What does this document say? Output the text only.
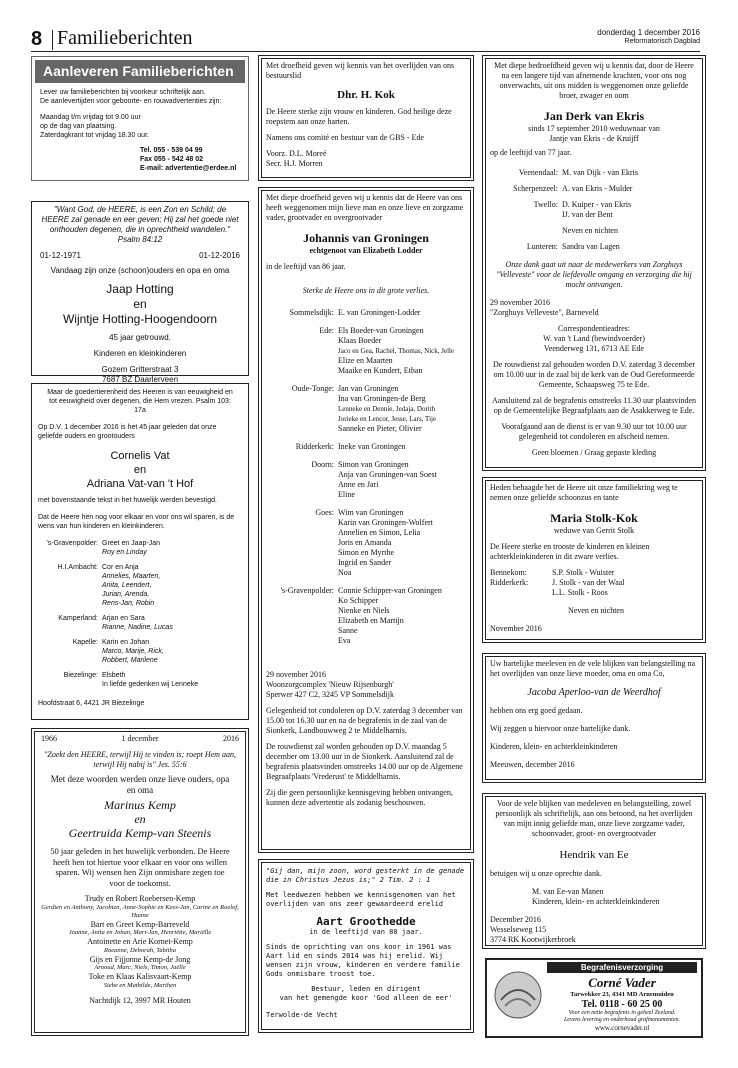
8 Familieberichten	donderdag 1 december 2016
Reformatorisch Dagblad
Aanleveren Familieberichten
Lever uw familieberichten bij voorkeur schriftelijk aan.
De aanlevertijden voor geboorte- en rouwadvertenties zijn:
Maandag t/m vrijdag tot 9.00 uur
op de dag van plaatsing.
Zaterdagkrant tot vrijdag 18.30 uur.
Tel. 055 - 539 04 99
Fax 055 - 542 48 02
E-mail: advertentie@erdee.nl
"Want God, de HEERE, is een Zon en Schild; de HEERE zal genade en eer geven; Hij zal het goede niet onthouden degenen, die in oprechtheid wandelen."
Psalm 84:12
01-12-1971	01-12-2016
Vandaag zijn onze (schoon)ouders en opa en oma
Jaap Hotting
en
Wijntje Hotting-Hoogendoorn
45 jaar getrouwd.
Kinderen en kleinkinderen
Gozem Gritterstraat 3
7687 BZ Daarlerveen
Maar de goedertierenheid des Heeren is van eeuwigheid en tot eeuwigheid over degenen, die Hem vrezen. Psalm 103: 17a
Op D.V. 1 december 2016 is het 45 jaar geleden dat onze geliefde ouders en grootouders
Cornelis Vat
en
Adriana Vat-van 't Hof
met bovenstaande tekst in het huwelijk werden bevestigd.
Dat de Heere hen nog voor elkaar en voor ons wil sparen, is de wens van hun kinderen en kleinkinderen.
's-Gravenpolder: Greet en Jaap-Jan
Roy en Linday
H.I.Ambacht: Cor en Anja
Annelies, Maarten,
Anita, Leendert,
Jurian, Arenda,
Rens-Jan, Robin
Kamperland: Arjan en Sara
Rianne, Nadine, Lucas
Kapelle: Karin en Johan
Marco, Marije, Rick,
Robbert, Marilene
Biezelinge: Elsbeth
In liefde gedenken wij Lenneke
Hoofdstraat 6, 4421 JR Biezelinge
1966	1 december	2016
"Zoekt den HEERE, terwijl Hij te vinden is; roept Hem aan, terwijl Hij nabij is" Jes. 55:6
Met deze woorden werden onze lieve ouders, opa en oma
Marinus Kemp
en
Geertruida Kemp-van Steenis
50 jaar geleden in het huwelijk verbonden. De Heere heeft hen tot hiertoe voor elkaar en voor ons willen sparen. Wij wensen hen Zijn onmisbare zegen toe voor de toekomst.
Trudy en Robert Roebersen-Kemp
Gerdien en Anthony, Jacobien, Anne-Sophie en Kees-Jan, Carine en Roelof, Hanne
Bart en Greet Kemp-Barreveld
Joanne, Anita en Johan, Mart-Jan, Henriëtte, Mariëlle
Antoinette en Arie Kornet-Kemp
Roeanne, Deborah, Tabitha
Gijs en Fijjonne Kemp-de Jong
Arnoud, Marc, Niels, Timon, Jaëlle
Toke en Klaas Kalisvaart-Kemp
Siebe en Mathilde, Marthen
Nachtdijk 12, 3997 MR Houten
Met droefheid geven wij kennis van het overlijden van ons bestuurslid
Dhr. H. Kok
De Heere sterke zijn vrouw en kinderen. God heilige deze roepstem aan onze harten.
Namens ons comité en bestuur van de GBS - Ede
Voorz. D.L. Moreé
Secr. H.J. Morren
Met diepe droefheid geven wij u kennis dat de Heere van ons heeft weggenomen mijn lieve man en onze lieve en zorgzame vader, grootvader en overgrootvader
Johannis van Groningen
echtgenoot van Elizabeth Lodder
in de leeftijd van 86 jaar.
Sterke de Heere ons in dit grote verlies.
Sommelsdijk: E. van Groningen-Lodder
Ede: Els Boeder-van Groningen
Klaas Boeder
Jaco en Gea, Rachel, Thomas, Nick, Jelle
Elize en Maarten
Maaike en Kundert, Ethan
Oude-Tonge: Jan van Groningen
Ina van Groningen-de Berg
Lenneke en Dennie, Jedaja, Dorith
Jorieke en Lencor, Jesse, Lars, Tije
Sanneke en Pieter, Olivier
Ridderkerk: Ineke van Groningen
Doorn: Simon van Groningen
Anja van Groningen-van Soest
Anne en Jari
Eline
Goes: Wim van Groningen
Karin van Groningen-Wolfert
Annelien en Simon, Lelia
Joris en Amanda
Simon en Myrthe
Ingrid en Sander
Noa
's-Gravenpolder: Connie Schipper-van Groningen
Ko Schipper
Nienke en Niels
Elizabeth en Martijn
Sanne
Eva
29 november 2016
Woonzorgcomplex 'Nieuw Rijsenburgh'
Sperwer 427 C2, 3245 VP Sommelsdijk
Gelegenheid tot condoleren op D.V. zaterdag 3 december van 15.00 tot 16.30 uur en na de begrafenis in de zaal van de Sionkerk, Landbouwweg 2 te Middelharnis.
De rouwdienst zal worden gehouden op D.V. maandag 5 december om 13.00 uur in de Sionkerk. Aansluitend zal de begrafenis plaatsvinden omstreeks 14.00 uur op de Algemene Begraafplaats 'Vrederust' te Middelharnis.
Zij die geen persoonlijke kennisgeving hebben ontvangen, kunnen deze advertentie als zodanig beschouwen.
"Gij dan, mijn zoon, word gesterkt in de genade die in Christus Jezus is;" 2 Tim. 2 : 1
Met leedwezen hebben we kennisgenomen van het overlijden van ons zeer gewaardeerd erelid
Aart Groothedde
in de leeftijd van 80 jaar.
Sinds de oprichting van ons koor in 1961 was Aart lid en sinds 2014 was hij erelid. Wij wensen zijn vrouw, kinderen en verdere familie Gods onmisbare troost toe.
Bestuur, leden en dirigent
van het gemengde koor 'God alleen de eer'
Terwolde-de Vecht
Met diepe bedroefdheid geven wij u kennis dat, door de Heere na een langere tijd van afnemende krachten, voor ons nog onverwachts, uit ons midden is weggenomen onze geliefde broer, zwager en oom
Jan Derk van Ekris
sinds 17 september 2010 weduwnaar van
Jantje van Ekris - de Kruijff
op de leeftijd van 77 jaar.
Veenendaal: M. van Dijk - van Ekris
Scherpenzeel: A. van Ekris - Mulder
Twello: D. Kuiper - van Ekris
IJ. van der Bent
Neven en nichten
Lunteren: Sandra van Lagen
Onze dank gaat uit naar de medewerkers van Zorghuys "Velleveste" voor de liefdevolle omgang en verzorging die hij mocht ontvangen.
29 november 2016
"Zorghuys Velleveste", Barneveld
Correspondentieadres:
W. van 't Land (bewindvoerder)
Veenderweg 131, 6713 AE Ede
De rouwdienst zal gehouden worden D.V. zaterdag 3 december om 10.00 uur in de zaal bij de kerk van de Oud Gereformeerde Gemeente, Schaapsweg 75 te Ede.
Aansluitend zal de begrafenis omstreeks 11.30 uur plaatsvinden op de Gemeentelijke Begraafplaats aan de Asakkerweg te Ede.
Voorafgaand aan de dienst is er van 9.30 uur tot 10.00 uur gelegenheid tot condoleren en afscheid nemen.
Geen bloemen / Graag gepaste kleding
Heden behaagde het de Heere uit onze familiekring weg te nemen onze geliefde schoonzus en tante
Maria Stolk-Kok
weduwe van Gerrit Stolk
De Heere sterke en trooste de kinderen en kleinen achterkleinkinderen in dit zware verlies.
Bennekom:	S.P. Stolk - Wuister
Ridderkerk:	J. Stolk - van der Waal
L.L. Stolk - Roos
Neven en nichten
November 2016
Uw hartelijke meeleven en de vele blijken van belangstelling na het overlijden van onze lieve moeder, oma en oma Co,
Jacoba Aperloo-van de Weerdhof
hebben ons erg goed gedaan.
Wij zeggen u hiervoor onze hartelijke dank.
Kinderen, klein- en achterkleinkinderen
Meeuwen, december 2016
Voor de vele blijken van medeleven en belangstelling, zowel persoonlijk als schriftelijk, aan ons betoond, na het overlijden van mijn innig geliefde man, onze lieve zorgzame vader, schoonvader, groot- en overgrootvader
Hendrik van Ee
betuigen wij u onze oprechte dank.
M. van Ee-van Manen
Kinderen, klein- en achterkleinkinderen
December 2016
Wesselseweg 115
3774 RK Kootwijkerbroek
Begrafenisverzorging
Corné Vader
Tarwekker 23, 4341 MD Arnemuiden
Tel. 0118 - 60 25 00
Voor een nette begrafenis in geheel Zeeland.
Levens levering en onderhoud grafmonumenten.
www.cornevader.nl
